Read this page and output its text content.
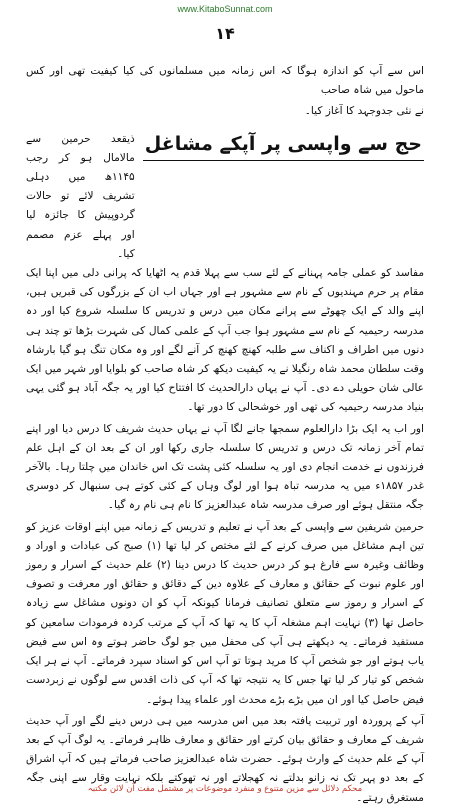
www.KitaboSunnat.com
۱۴

اس سے آپ کو اندازہ ہوگا کہ اس زمانہ میں مسلمانوں کی کیا کیفیت تھی اور کس ماحول میں شاہ صاحب

نے نئی جدوجہد کا آغاز کیا۔

حج سے واپسی پر آپکے مشاغل
ذیقعد حرمین سے مالامال ہو کر رجب ۱۱۴۵ھ میں دہلی تشریف لائے تو حالات گردوپیش کا جائزہ لیا اور پہلے عزم مصمم کیا۔

مفاسد کو عملی جامہ پہنانے کے لئے سب سے پہلا قدم یہ اٹھایا کہ پرانی دلی میں اپنا ایک مقام پر حرم مہندیوں کے نام سے مشہور ہے اور جہاں اب ان کے بزرگوں کی قبریں ہیں، اپنے والد کے ایک چھوٹے سے پرانے مکان میں درس و تدریس کا سلسلہ شروع کیا اور دہ مدرسہ رحیمیہ کے نام سے مشہور ہوا جب آپ کے علمی کمال کی شہرت بڑھا تو چند ہی دنوں میں اطراف و اکناف سے طلبہ کھنچ کھنچ کر آنے لگے اور وہ مکان تنگ ہو گیا بارشاہ وقت سلطان محمد شاہ رنگیلا نے یہ کیفیت دیکھ کر شاہ صاحب کو بلوایا اور شہر میں ایک عالی شان حویلی دے دی۔ آپ نے یہاں دارالحدیث کا افتتاح کیا اور یہ جگہ آباد ہو گئی یہی بنیاد مدرسہ رحیمیہ کی تھی اور خوشحالی کا دور تھا۔

اور اب یہ ایک بڑا دارالعلوم سمجھا جانے لگا آپ نے یہاں حدیث شریف کا درس دیا اور اپنے تمام آخر زمانہ تک درس و تدریس کا سلسلہ جاری رکھا اور ان کے بعد ان کے اہل علم فرزندوں نے خدمت انجام دی اور یہ سلسلہ کئی پشت تک اس خاندان میں چلتا رہا۔ بالآخر غدر ۱۸۵۷ء میں یہ مدرسہ تباہ ہوا اور لوگ وہاں کے کئی کوتے ہی سنبھال کر دوسری جگہ منتقل ہوئے اور صرف مدرسہ شاہ عبدالعزیز کا نام ہی نام رہ گیا۔

حرمین شریفین سے واپسی کے بعد آپ نے تعلیم و تدریس کے زمانہ میں اپنے اوقات عزیز کو تین اہم مشاغل میں صرف کرنے کے لئے مختص کر لیا تھا (۱) صبح کی عبادات و اوراد و وظائف وغیرہ سے فارغ ہو کر درس حدیث کا درس دینا (۲) علم حدیث کے اسرار و رموز اور علوم نبوت کے حقائق و معارف کے علاوہ دین کے دقائق و حقائق اور معرفت و تصوف کے اسرار و رموز سے متعلق تصانیف فرمانا کیونکہ آپ کو ان دونوں مشاغل سے زیادہ حاصل تھا (۳) نہایت اہم مشغلہ آپ کا یہ تھا کہ آپ کے مرتب کردہ فرمودات سامعین کو مستفید فرماتے۔ یہ دیکھتے ہی آپ کی محفل میں جو لوگ حاضر ہوتے وہ اس سے فیض یاب ہوتے اور جو شخص آپ کا مرید ہوتا تو آپ اس کو اسناد سپرد فرماتے۔ آپ نے ہر ایک شخص کو تیار کر لیا تھا جس کا یہ نتیجہ تھا کہ آپ کی ذات اقدس سے لوگوں نے زبردست فیض حاصل کیا اور ان میں بڑے بڑے محدث اور علماء پیدا ہوئے۔

آپ کے پروردہ اور تربیت یافتہ بعد میں اس مدرسہ میں ہی درس دینے لگے اور آپ حدیث شریف کے معارف و حقائق بیان کرتے اور حقائق و معارف ظاہر فرماتے۔ یہ لوگ آپ کے بعد آپ کے علم حدیث کے وارث ہوئے۔ حضرت شاہ عبدالعزیز صاحب فرماتے ہیں کہ آپ اشراق کے بعد دو پہر تک نہ زانو بدلتے نہ کھجلاتے اور نہ تھوکتے بلکہ نہایت وقار سے اپنی جگہ مستغرق رہتے۔

محکم دلائل سے مزین متنوع و منفرد موضوعات پر مشتمل مفت آن لائن مکتبہ
